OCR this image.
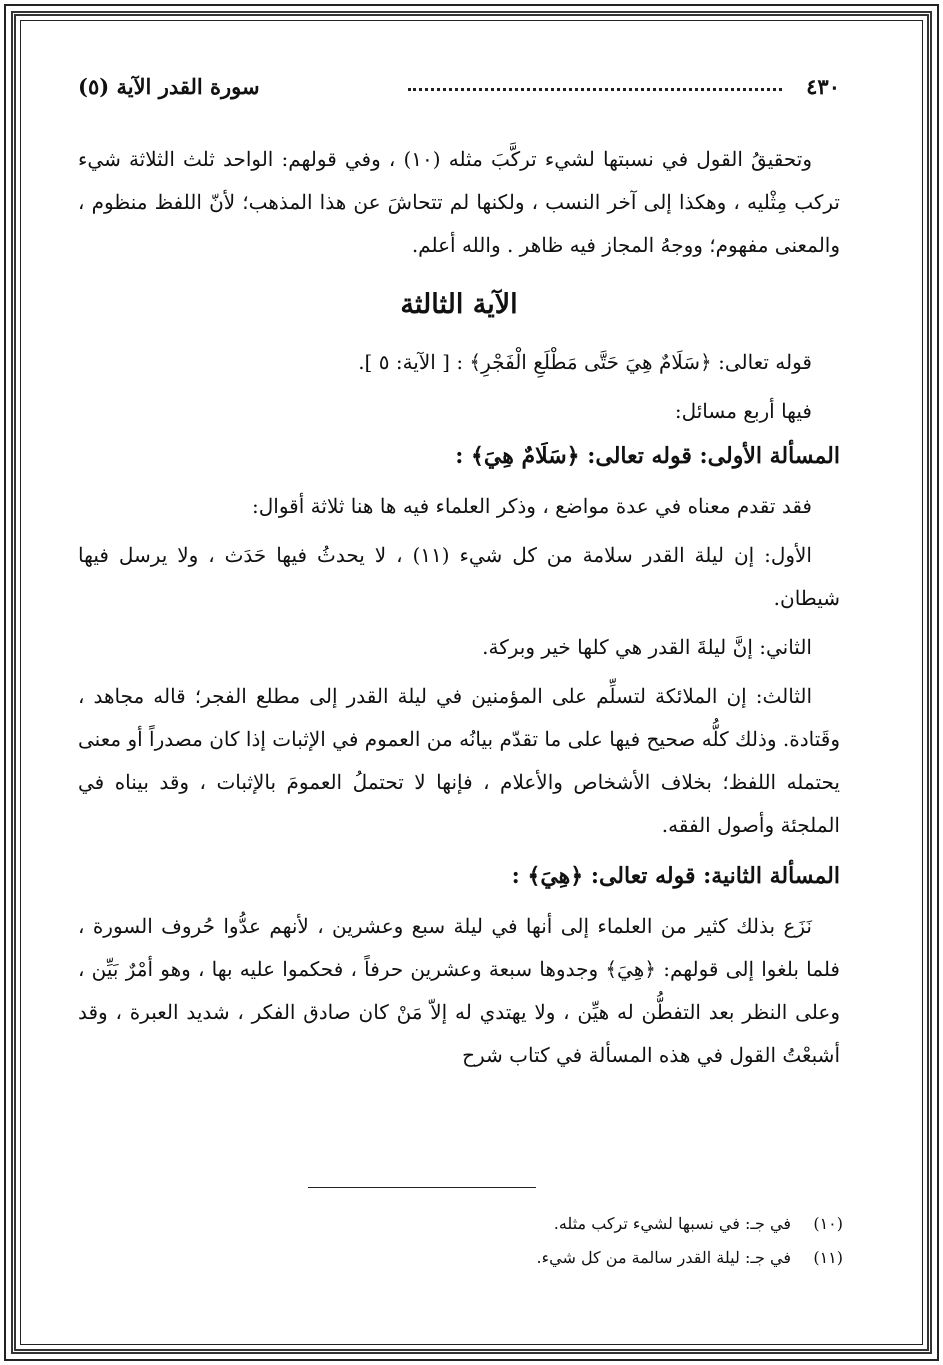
٤٣٠
سورة القدر الآية (٥)

وتحقيقُ القول في نسبتها لشيء تركَّبَ مثله (١٠) ، وفي قولهم: الواحد ثلث الثلاثة شيء تركب مِثْليه ، وهكذا إلى آخر النسب ، ولكنها لم تتحاشَ عن هذا المذهب؛ لأنّ اللفظ منظوم ، والمعنى مفهوم؛ ووجهُ المجاز فيه ظاهر . والله أعلم.

الآية الثالثة

قوله تعالى: ﴿سَلَامٌ هِيَ حَتَّى مَطْلَعِ الْفَجْرِ﴾ : [ الآية: ٥ ].

فيها أربع مسائل:

المسألة الأولى: قوله تعالى: ﴿سَلَامٌ هِيَ﴾ :

فقد تقدم معناه في عدة مواضع ، وذكر العلماء فيه ها هنا ثلاثة أقوال:

الأول: إن ليلة القدر سلامة من كل شيء (١١) ، لا يحدثُ فيها حَدَث ، ولا يرسل فيها شيطان.

الثاني: إنَّ ليلةَ القدر هي كلها خير وبركة.

الثالث: إن الملائكة لتسلِّم على المؤمنين في ليلة القدر إلى مطلع الفجر؛ قاله مجاهد ، وقَتادة. وذلك كلُّه صحيح فيها على ما تقدّم بيانُه من العموم في الإثبات إذا كان مصدراً أو معنى يحتمله اللفظ؛ بخلاف الأشخاص والأعلام ، فإنها لا تحتملُ العمومَ بالإثبات ، وقد بيناه في الملجئة وأصول الفقه.

المسألة الثانية: قوله تعالى: ﴿هِيَ﴾ :

نَزَع بذلك كثير من العلماء إلى أنها في ليلة سبع وعشرين ، لأنهم عدُّوا حُروف السورة ، فلما بلغوا إلى قولهم: ﴿هِيَ﴾ وجدوها سبعة وعشرين حرفاً ، فحكموا عليه بها ، وهو أمْرٌ بَيِّن ، وعلى النظر بعد التفطُّن له هيِّن ، ولا يهتدي له إلاّ مَنْ كان صادق الفكر ، شديد العبرة ، وقد أشبعْتُ القول في هذه المسألة في كتاب شرح

(١٠)
في جـ: في نسبها لشيء تركب مثله.
(١١)
في جـ: ليلة القدر سالمة من كل شيء.
